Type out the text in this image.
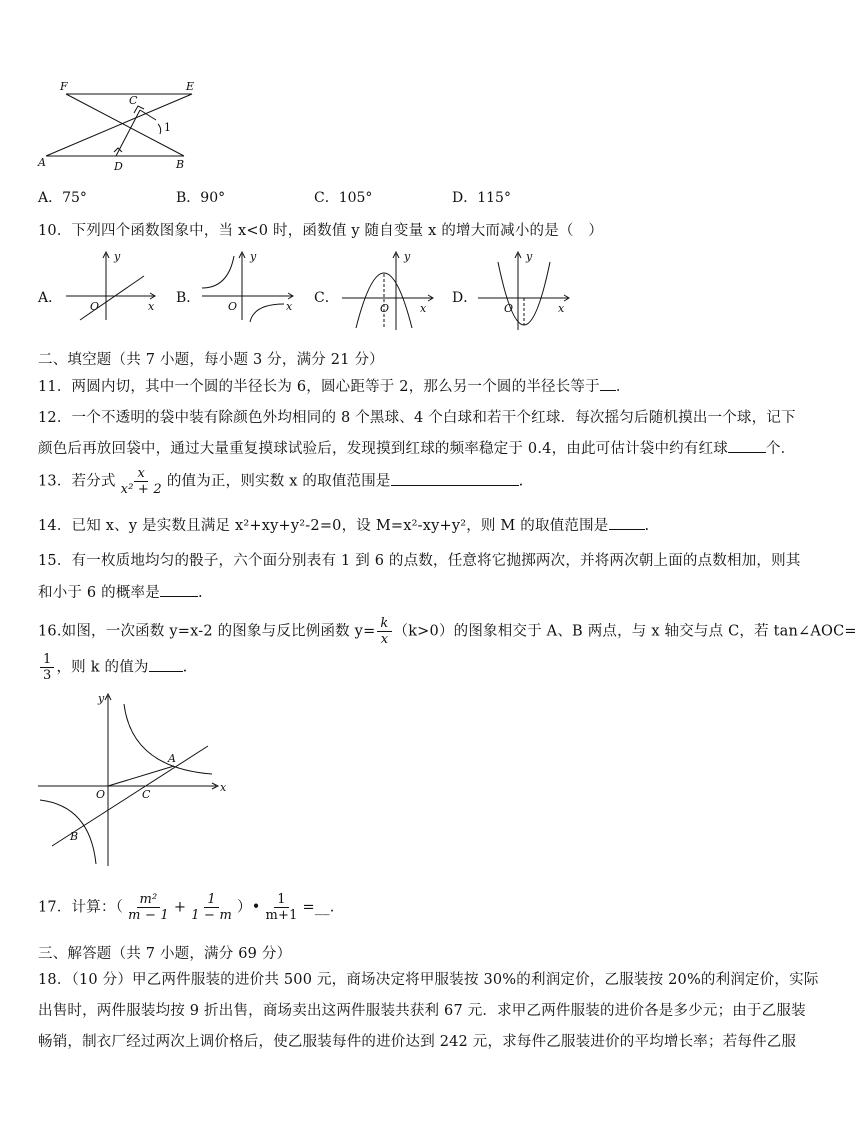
F	E
C
1
A	D	B
A．75°	B．90°	C．105°	D．115°
10．下列四个函数图象中，当 x<0 时，函数值 y 随自变量 x 的增大而减小的是（　）
A．
y
O	x
B．
y
O	x
C．
y
O	x
D．
y
O	x
二、填空题（共 7 小题，每小题 3 分，满分 21 分）
11．两圆内切，其中一个圆的半径长为 6，圆心距等于 2，那么另一个圆的半径长等于 ．
12．一个不透明的袋中装有除颜色外均相同的 8 个黑球、4 个白球和若干个红球．每次摇匀后随机摸出一个球，记下
颜色后再放回袋中，通过大量重复摸球试验后，发现摸到红球的频率稳定于 0.4，由此可估计袋中约有红球	个．
13．若分式 $\frac{x}{\text{x² + 2}}$ 的值为正，则实数 x 的取值范围是	.
14．已知 x、y 是实数且满足 x²+xy+y²-2=0，设 M=x²-xy+y²，则 M 的取值范围是 .
15．有一枚质地均匀的骰子，六个面分别表有 1 到 6 的点数，任意将它抛掷两次，并将两次朝上面的点数相加，则其
和小于 6 的概率是	.
16.如图，一次函数 y=x-2 的图象与反比例函数 $y= \frac{k}{x} (k>0)$的图象相交于 A、B 两点，与 x 轴交与点 C，若 tan∠AOC=
$\frac{1}{3}$ ，则 k 的值为 .
y
A
O	C
x
B
17．计算：（ $\frac{\text{m²}}{m - 1} + \frac{1}{1 - m}$ ）• $\frac{1}{m+1}$ =__.
三、解答题（共 7 小题，满分 69 分）
18．（10 分）甲乙两件服装的进价共 500 元，商场决定将甲服装按 30%的利润定价，乙服装按 20%的利润定价，实际
出售时，两件服装均按 9 折出售，商场卖出这两件服装共获利 67 元．求甲乙两件服装的进价各是多少元；由于乙服装
畅销，制衣厂经过两次上调价格后，使乙服装每件的进价达到 242 元，求每件乙服装进价的平均增长率；若每件乙服
